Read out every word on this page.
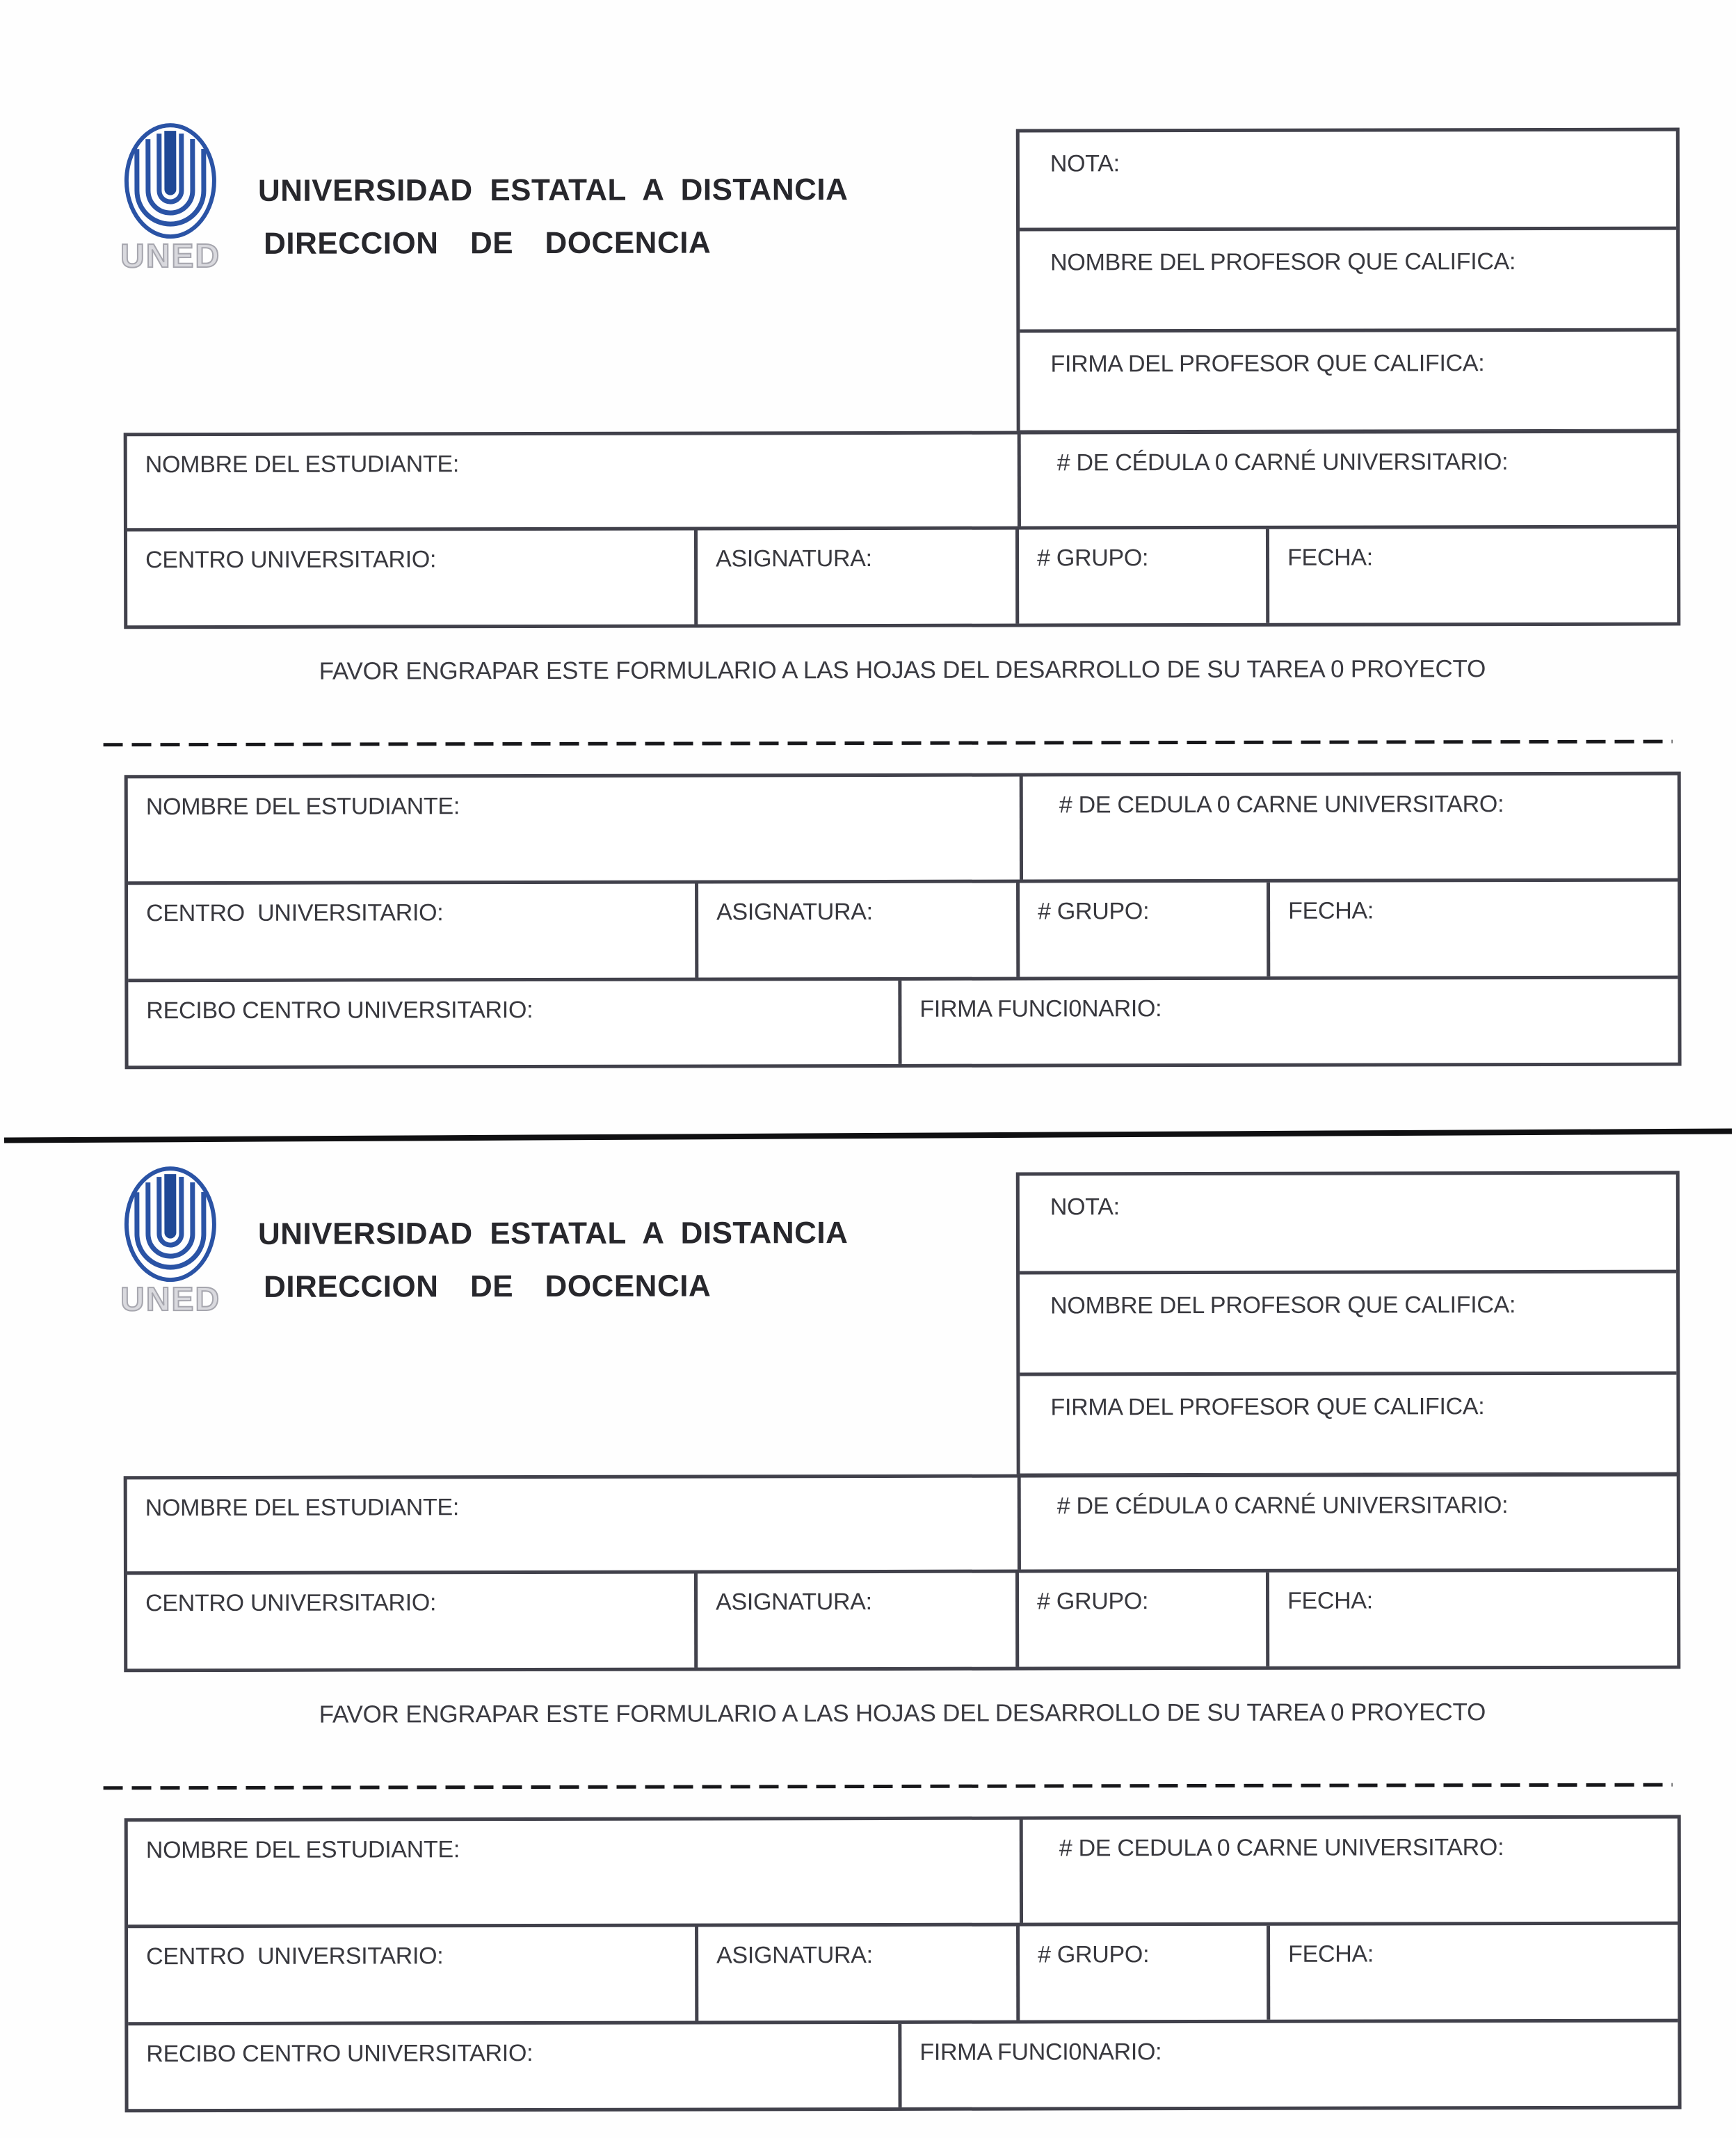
UNED
UNIVERSIDAD ESTATAL A DISTANCIA
DIRECCION  DE  DOCENCIA

NOTA:
NOMBRE DEL PROFESOR QUE CALIFICA:
FIRMA DEL PROFESOR QUE CALIFICA:
NOMBRE DEL ESTUDIANTE:	# DE CÉDULA 0 CARNÉ UNIVERSITARIO:
CENTRO UNIVERSITARIO:	ASIGNATURA:	# GRUPO:	FECHA:
FAVOR ENGRAPAR ESTE FORMULARIO A LAS HOJAS DEL DESARROLLO DE SU TAREA 0 PROYECTO
NOMBRE DEL ESTUDIANTE:	# DE CEDULA 0 CARNE UNIVERSITARO:
CENTRO  UNIVERSITARIO:	ASIGNATURA:	# GRUPO:	FECHA:
RECIBO CENTRO UNIVERSITARIO:	FIRMA FUNCI0NARIO:
UNED
UNIVERSIDAD ESTATAL A DISTANCIA
DIRECCION  DE  DOCENCIA

NOTA:
NOMBRE DEL PROFESOR QUE CALIFICA:
FIRMA DEL PROFESOR QUE CALIFICA:
NOMBRE DEL ESTUDIANTE:	# DE CÉDULA 0 CARNÉ UNIVERSITARIO:
CENTRO UNIVERSITARIO:	ASIGNATURA:	# GRUPO:	FECHA:
FAVOR ENGRAPAR ESTE FORMULARIO A LAS HOJAS DEL DESARROLLO DE SU TAREA 0 PROYECTO
NOMBRE DEL ESTUDIANTE:	# DE CEDULA 0 CARNE UNIVERSITARO:
CENTRO  UNIVERSITARIO:	ASIGNATURA:	# GRUPO:	FECHA:
RECIBO CENTRO UNIVERSITARIO:	FIRMA FUNCI0NARIO:
